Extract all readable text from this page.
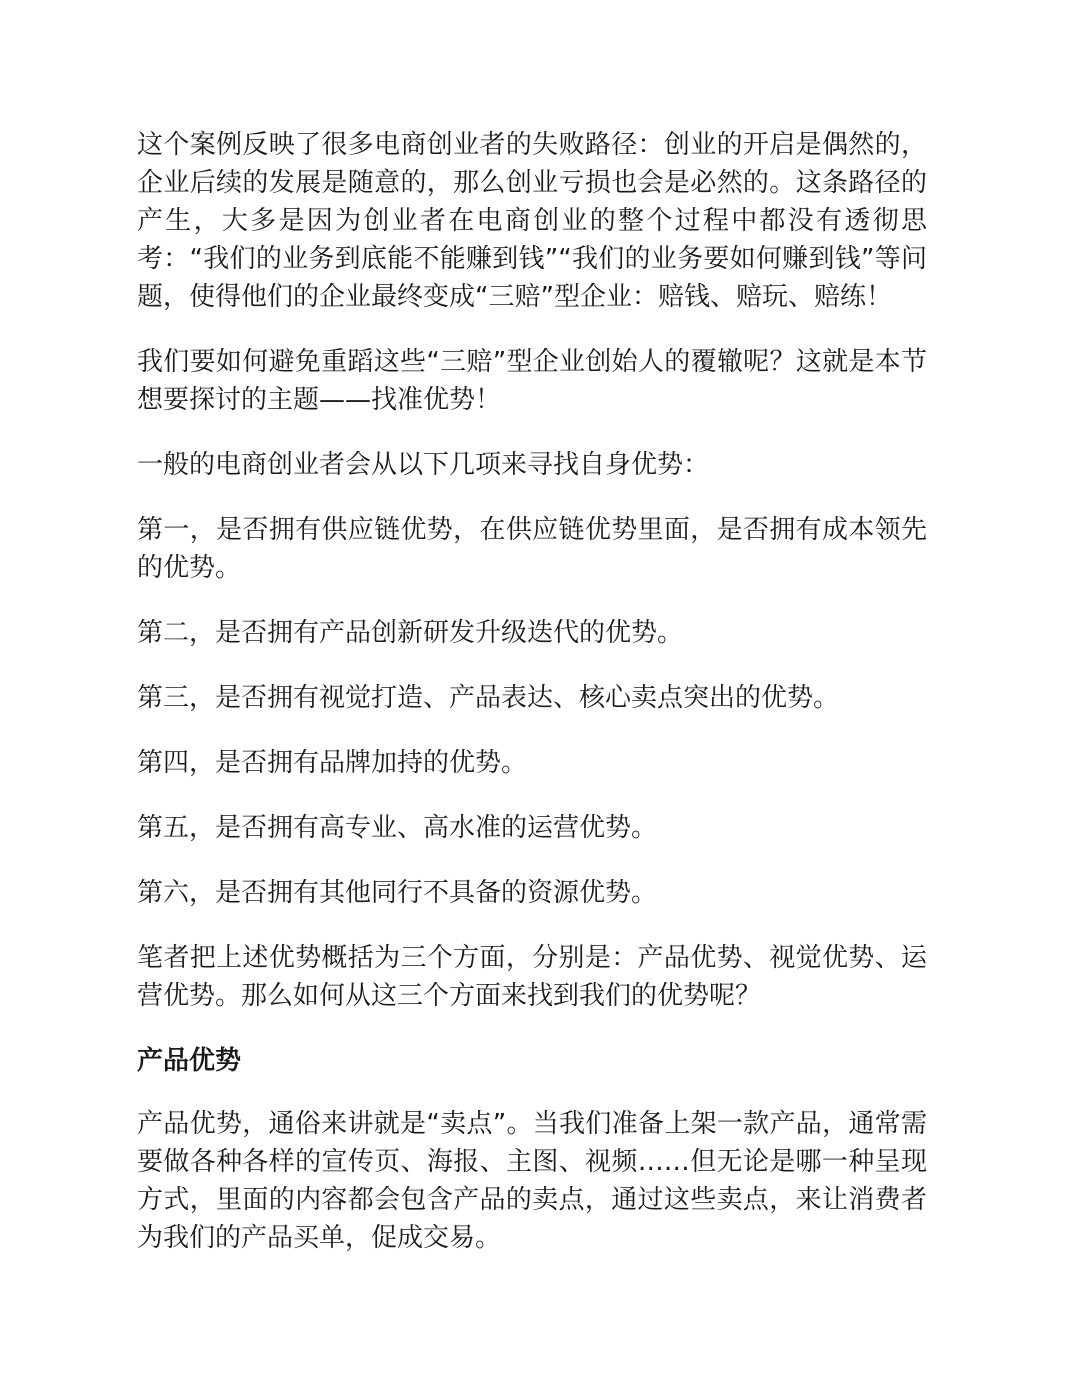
这个案例反映了很多电商创业者的失败路径：创业的开启是偶然的，企业后续的发展是随意的，那么创业亏损也会是必然的。这条路径的产生，大多是因为创业者在电商创业的整个过程中都没有透彻思考：“我们的业务到底能不能赚到钱”“我们的业务要如何赚到钱”等问题，使得他们的企业最终变成“三赔”型企业：赔钱、赔玩、赔练！

我们要如何避免重蹈这些“三赔”型企业创始人的覆辙呢？这就是本节想要探讨的主题——找准优势！

一般的电商创业者会从以下几项来寻找自身优势：

第一，是否拥有供应链优势，在供应链优势里面，是否拥有成本领先的优势。

第二，是否拥有产品创新研发升级迭代的优势。

第三，是否拥有视觉打造、产品表达、核心卖点突出的优势。

第四，是否拥有品牌加持的优势。

第五，是否拥有高专业、高水准的运营优势。

第六，是否拥有其他同行不具备的资源优势。

笔者把上述优势概括为三个方面，分别是：产品优势、视觉优势、运营优势。那么如何从这三个方面来找到我们的优势呢？

产品优势

产品优势，通俗来讲就是“卖点”。当我们准备上架一款产品，通常需要做各种各样的宣传页、海报、主图、视频……但无论是哪一种呈现方式，里面的内容都会包含产品的卖点，通过这些卖点，来让消费者为我们的产品买单，促成交易。
